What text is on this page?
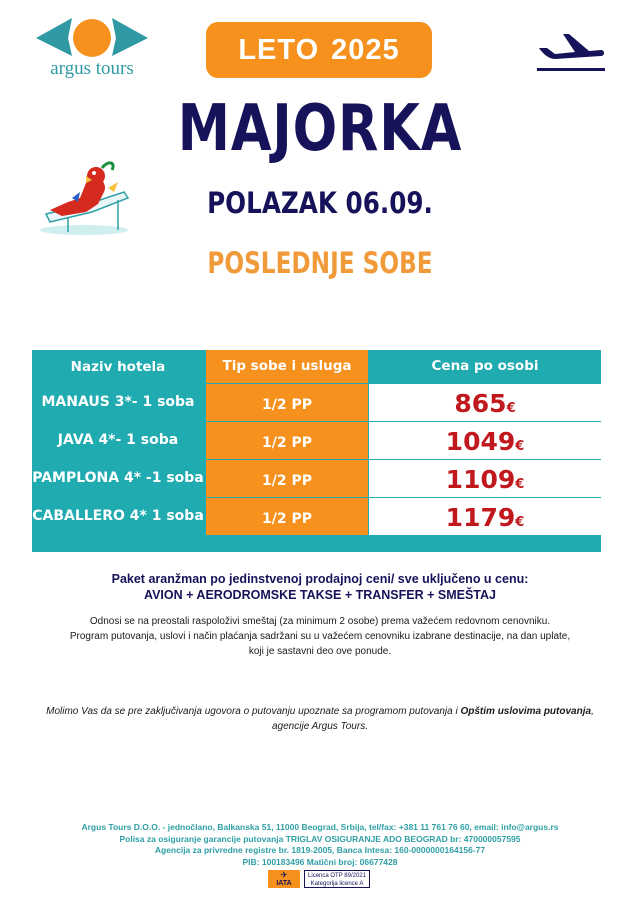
argus tours
LETO 2025
MAJORKA
POLAZAK 06.09.
POSLEDNJE SOBE
Naziv hotela	Tip sobe i usluga	Cena po osobi
MANAUS 3*- 1 soba	1/2 PP	865€
JAVA 4*- 1 soba	1/2 PP	1049€
PAMPLONA 4* -1 soba	1/2 PP	1109€
CABALLERO 4* 1 soba	1/2 PP	1179€
Paket aranžman po jedinstvenoj prodajnoj ceni/ sve uključeno u cenu:
AVION + AERODROMSKE TAKSE + TRANSFER + SMEŠTAJ
Odnosi se na preostali raspoloživi smeštaj (za minimum 2 osobe) prema važećem redovnom cenovniku.
Program putovanja, uslovi i način plaćanja sadržani su u važećem cenovniku izabrane destinacije, na dan uplate,
koji je sastavni deo ove ponude.
Molimo Vas da se pre zaključivanja ugovora o putovanju upoznate sa programom putovanja i Opštim uslovima putovanja, agencije Argus Tours.
Argus Tours D.O.O. - jednočlano, Balkanska 51, 11000 Beograd, Srbija, tel/fax: +381 11 761 76 60, email: info@argus.rs
Polisa za osiguranje garancije putovanja TRIGLAV OSIGURANJE ADO BEOGRAD br: 470000057595
Agencija za privredne registre br. 1819-2005, Banca Intesa: 160-0000000164156-77
PIB: 100183496 Matični broj: 06677428
✈
IATA
Licenca OTP 89/2021
Kategorija licence A
